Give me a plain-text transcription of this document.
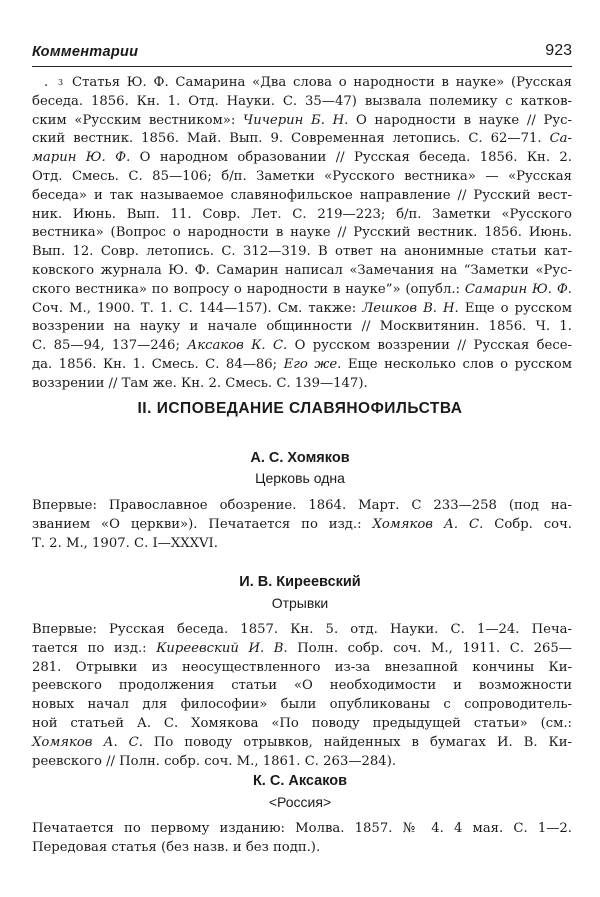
Комментарии	923
. 3 Статья Ю. Ф. Самарина «Два слова о народности в науке» (Русская
беседа. 1856. Кн. 1. Отд. Науки. С. 35—47) вызвала полемику с катков-
ским «Русским вестником»: Чичерин Б. Н. О народности в науке // Рус-
ский вестник. 1856. Май. Вып. 9. Современная летопись. С. 62—71. Са-
марин Ю. Ф. О народном образовании // Русская беседа. 1856. Кн. 2.
Отд. Смесь. С. 85—106; б/п. Заметки «Русского вестника» — «Русская
беседа» и так называемое славянофильское направление // Русский вест-
ник. Июнь. Вып. 11. Совр. Лет. С. 219—223; б/п. Заметки «Русского
вестника» (Вопрос о народности в науке // Русский вестник. 1856. Июнь.
Вып. 12. Совр. летопись. С. 312—319. В ответ на анонимные статьи кат-
ковского журнала Ю. Ф. Самарин написал «Замечания на “Заметки «Рус-
ского вестника» по вопросу о народности в науке”» (опубл.: Самарин Ю. Ф.
Соч. М., 1900. Т. 1. С. 144—157). См. также: Лешков В. Н. Еще о русском
воззрении на науку и начале общинности // Москвитянин. 1856. Ч. 1.
С. 85—94, 137—246; Аксаков К. С. О русском воззрении // Русская бесе-
да. 1856. Кн. 1. Смесь. С. 84—86; Его же. Еще несколько слов о русском
воззрении // Там же. Кн. 2. Смесь. С. 139—147).
II. ИСПОВЕДАНИЕ СЛАВЯНОФИЛЬСТВА
А. С. Хомяков
Церковь одна
Впервые: Православное обозрение. 1864. Март. С 233—258 (под на-
званием «О церкви»). Печатается по изд.: Хомяков А. С. Собр. соч.
Т. 2. М., 1907. С. I—XXXVI.
И. В. Киреевский
Отрывки
Впервые: Русская беседа. 1857. Кн. 5. отд. Науки. С. 1—24. Печа-
тается по изд.: Киреевский И. В. Полн. собр. соч. М., 1911. С. 265—
281. Отрывки из неосуществленного из-за внезапной кончины Ки-
реевского продолжения статьи «О необходимости и возможности
новых начал для философии» были опубликованы с сопроводитель-
ной статьей А. С. Хомякова «По поводу предыдущей статьи» (см.:
Хомяков А. С. По поводу отрывков, найденных в бумагах И. В. Ки-
реевского // Полн. собр. соч. М., 1861. С. 263—284).
К. С. Аксаков
<Россия>
Печатается по первому изданию: Молва. 1857. № 4. 4 мая. С. 1—2.
Передовая статья (без назв. и без подп.).
